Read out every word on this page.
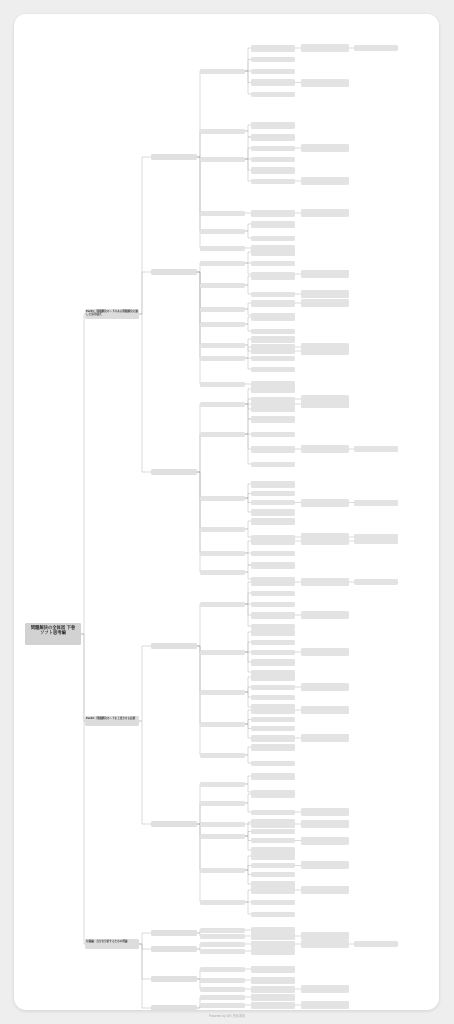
問題解決の全体図 下巻 ソフト思考編
Part1：問題解決モードのある問題解決に適した思考様式
Part2：問題解決モードを上達させる技術
付録編：自分を分析するための理論
Powered by WX 思維導図
